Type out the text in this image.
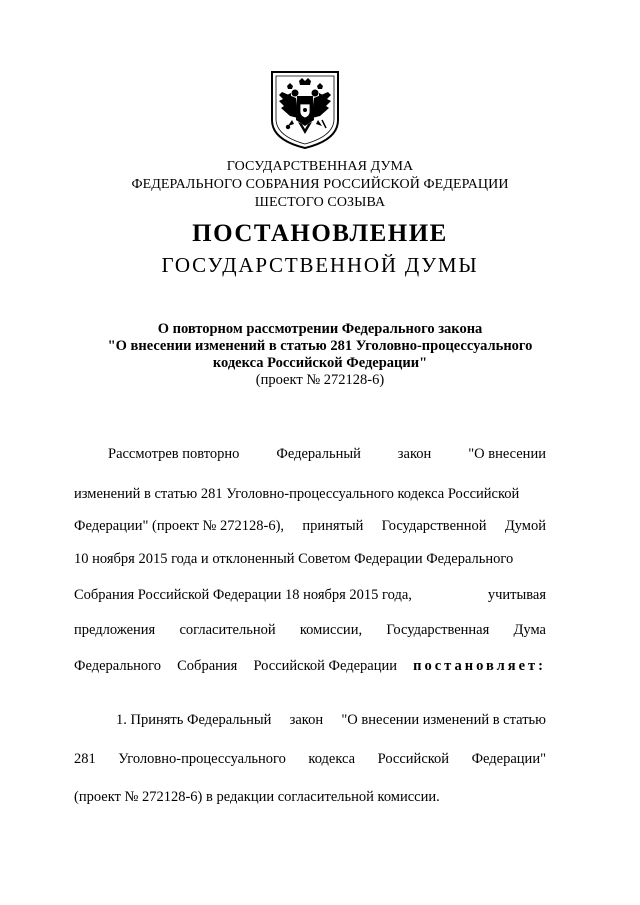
ГОСУДАРСТВЕННАЯ ДУМА
ФЕДЕРАЛЬНОГО СОБРАНИЯ РОССИЙСКОЙ ФЕДЕРАЦИИ
ШЕСТОГО СОЗЫВА
ПОСТАНОВЛЕНИЕ
ГОСУДАРСТВЕННОЙ ДУМЫ
О повторном рассмотрении Федерального закона
"О внесении изменений в статью 281 Уголовно-процессуального
кодекса Российской Федерации"
(проект № 272128-6)
Рассмотрев повторно	Федеральный	закон	"О внесении
изменений в статью 281 Уголовно-процессуального кодекса Российской
Федерации" (проект № 272128-6), принятый Государственной Думой
10 ноября 2015 года и отклоненный Советом Федерации Федерального
Собрания Российской Федерации 18 ноября 2015 года,	учитывая
предложения согласительной комиссии, Государственная Дума
Федерального Собрания Российской Федерации постановляет:
1. Принять Федеральный закон "О внесении изменений в статью
281 Уголовно-процессуального кодекса Российской Федерации"
(проект № 272128-6) в редакции согласительной комиссии.
